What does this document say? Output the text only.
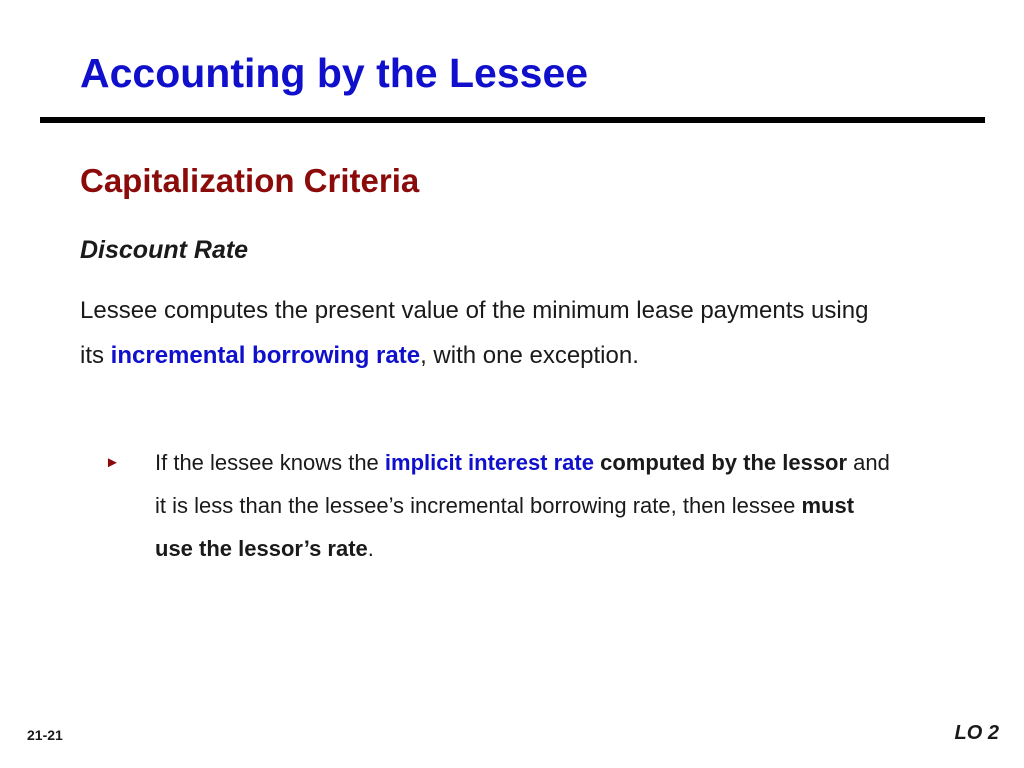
Accounting by the Lessee
Capitalization Criteria
Discount Rate

Lessee computes the present value of the minimum lease payments using its incremental borrowing rate, with one exception.

► If the lessee knows the implicit interest rate computed by the lessor and it is less than the lessee’s incremental borrowing rate, then lessee must use the lessor’s rate.

21-21	LO 2
